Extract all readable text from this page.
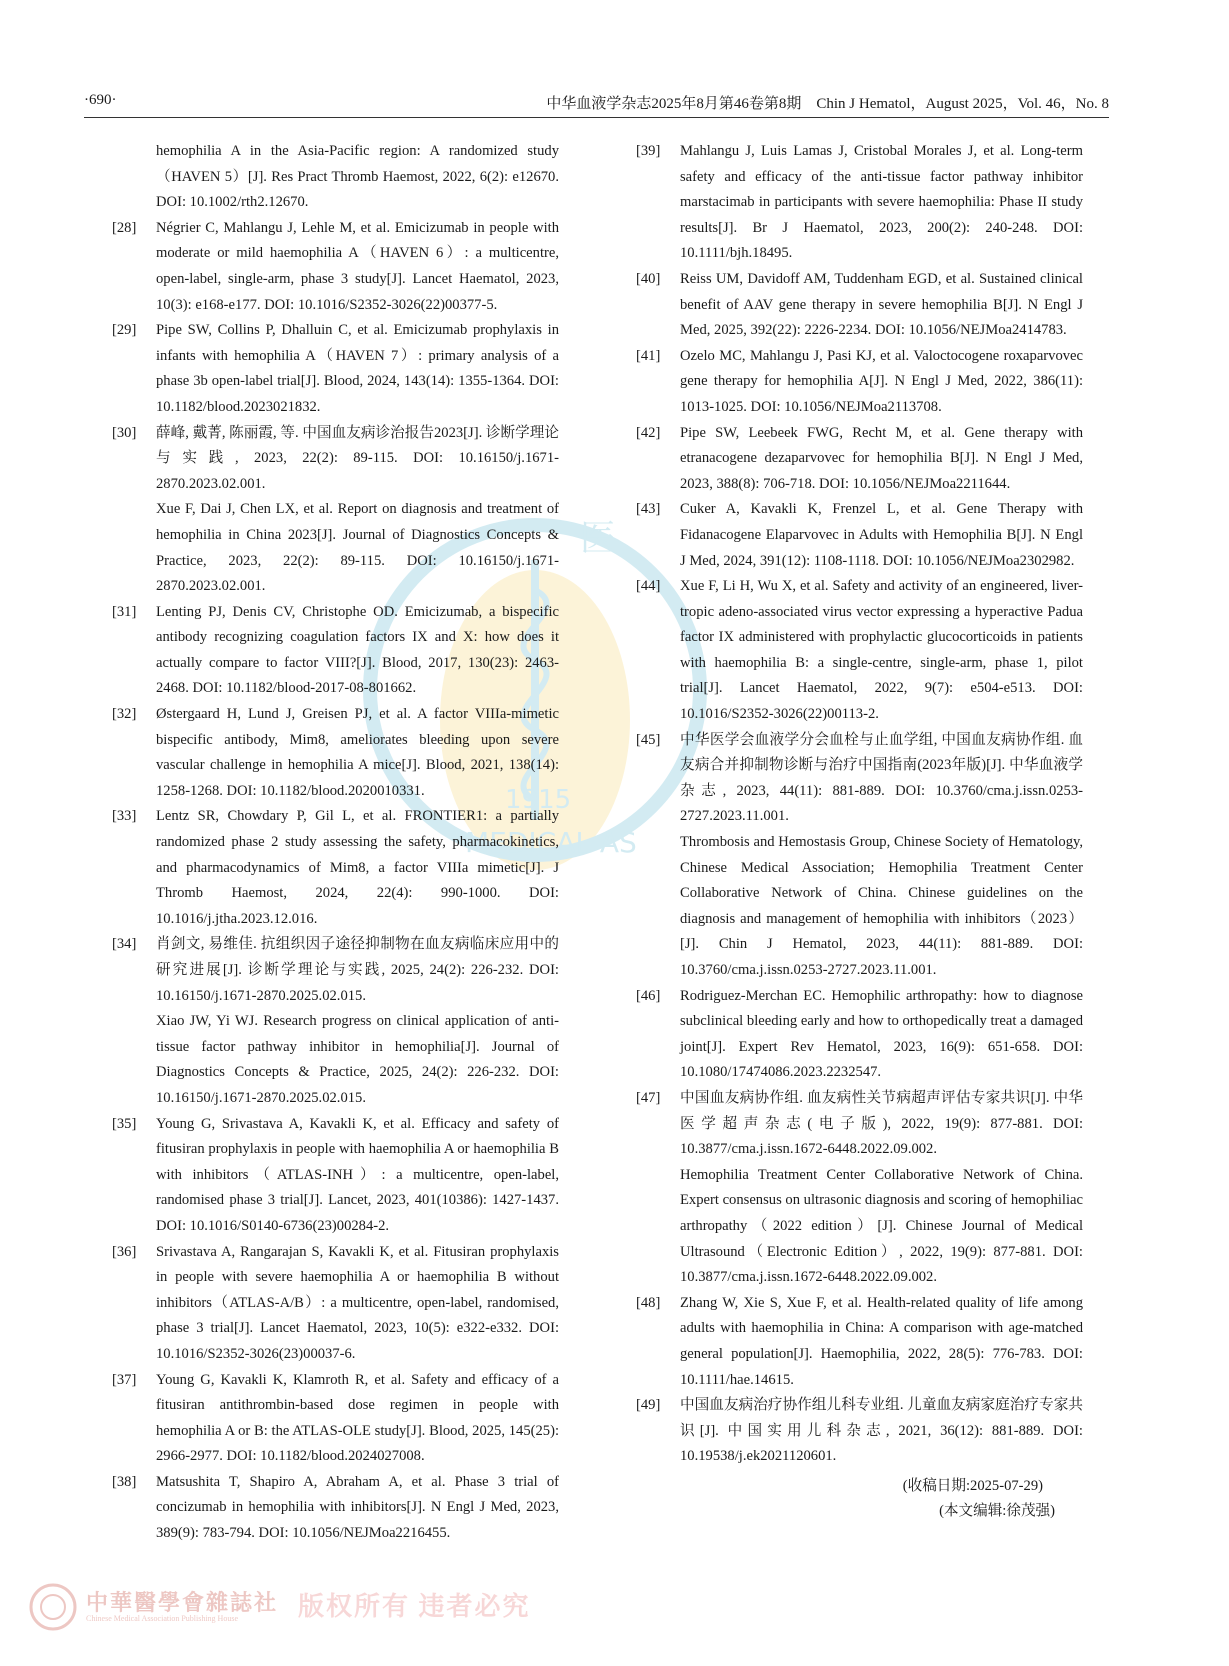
·690·	中华血液学杂志2025年8月第46卷第8期　Chin J Hematol，August 2025，Vol. 46，No. 8
医
1915
MEDICAL AS

hemophilia A in the Asia-Pacific region: A randomized study（HAVEN 5）[J]. Res Pract Thromb Haemost, 2022, 6(2): e12670. DOI: 10.1002/rth2.12670.

[28] Négrier C, Mahlangu J, Lehle M, et al. Emicizumab in people with moderate or mild haemophilia A（HAVEN 6）: a multicentre, open-label, single-arm, phase 3 study[J]. Lancet Haematol, 2023, 10(3): e168-e177. DOI: 10.1016/S2352-3026(22)00377-5.

[29] Pipe SW, Collins P, Dhalluin C, et al. Emicizumab prophylaxis in infants with hemophilia A（HAVEN 7）: primary analysis of a phase 3b open-label trial[J]. Blood, 2024, 143(14): 1355-1364. DOI: 10.1182/blood.2023021832.

[30] 薛峰, 戴菁, 陈丽霞, 等. 中国血友病诊治报告2023[J]. 诊断学理论与实践, 2023, 22(2): 89-115. DOI: 10.16150/j.1671-2870.2023.02.001.

Xue F, Dai J, Chen LX, et al. Report on diagnosis and treatment of hemophilia in China 2023[J]. Journal of Diagnostics Concepts & Practice, 2023, 22(2): 89-115. DOI: 10.16150/j.1671-2870.2023.02.001.

[31] Lenting PJ, Denis CV, Christophe OD. Emicizumab, a bispecific antibody recognizing coagulation factors IX and X: how does it actually compare to factor VIII?[J]. Blood, 2017, 130(23): 2463-2468. DOI: 10.1182/blood-2017-08-801662.

[32] Østergaard H, Lund J, Greisen PJ, et al. A factor VIIIa-mimetic bispecific antibody, Mim8, ameliorates bleeding upon severe vascular challenge in hemophilia A mice[J]. Blood, 2021, 138(14): 1258-1268. DOI: 10.1182/blood.2020010331.

[33] Lentz SR, Chowdary P, Gil L, et al. FRONTIER1: a partially randomized phase 2 study assessing the safety, pharmacokinetics, and pharmacodynamics of Mim8, a factor VIIIa mimetic[J]. J Thromb Haemost, 2024, 22(4): 990-1000. DOI: 10.1016/j.jtha.2023.12.016.

[34] 肖剑文, 易维佳. 抗组织因子途径抑制物在血友病临床应用中的研究进展[J]. 诊断学理论与实践, 2025, 24(2): 226-232. DOI: 10.16150/j.1671-2870.2025.02.015.

Xiao JW, Yi WJ. Research progress on clinical application of anti-tissue factor pathway inhibitor in hemophilia[J]. Journal of Diagnostics Concepts & Practice, 2025, 24(2): 226-232. DOI: 10.16150/j.1671-2870.2025.02.015.

[35] Young G, Srivastava A, Kavakli K, et al. Efficacy and safety of fitusiran prophylaxis in people with haemophilia A or haemophilia B with inhibitors（ATLAS-INH）: a multicentre, open-label, randomised phase 3 trial[J]. Lancet, 2023, 401(10386): 1427-1437. DOI: 10.1016/S0140-6736(23)00284-2.

[36] Srivastava A, Rangarajan S, Kavakli K, et al. Fitusiran prophylaxis in people with severe haemophilia A or haemophilia B without inhibitors（ATLAS-A/B）: a multicentre, open-label, randomised, phase 3 trial[J]. Lancet Haematol, 2023, 10(5): e322-e332. DOI: 10.1016/S2352-3026(23)00037-6.

[37] Young G, Kavakli K, Klamroth R, et al. Safety and efficacy of a fitusiran antithrombin-based dose regimen in people with hemophilia A or B: the ATLAS-OLE study[J]. Blood, 2025, 145(25): 2966-2977. DOI: 10.1182/blood.2024027008.

[38] Matsushita T, Shapiro A, Abraham A, et al. Phase 3 trial of concizumab in hemophilia with inhibitors[J]. N Engl J Med, 2023, 389(9): 783-794. DOI: 10.1056/NEJMoa2216455.

[39] Mahlangu J, Luis Lamas J, Cristobal Morales J, et al. Long-term safety and efficacy of the anti-tissue factor pathway inhibitor marstacimab in participants with severe haemophilia: Phase II study results[J]. Br J Haematol, 2023, 200(2): 240-248. DOI: 10.1111/bjh.18495.

[40] Reiss UM, Davidoff AM, Tuddenham EGD, et al. Sustained clinical benefit of AAV gene therapy in severe hemophilia B[J]. N Engl J Med, 2025, 392(22): 2226-2234. DOI: 10.1056/NEJMoa2414783.

[41] Ozelo MC, Mahlangu J, Pasi KJ, et al. Valoctocogene roxaparvovec gene therapy for hemophilia A[J]. N Engl J Med, 2022, 386(11): 1013-1025. DOI: 10.1056/NEJMoa2113708.

[42] Pipe SW, Leebeek FWG, Recht M, et al. Gene therapy with etranacogene dezaparvovec for hemophilia B[J]. N Engl J Med, 2023, 388(8): 706-718. DOI: 10.1056/NEJMoa2211644.

[43] Cuker A, Kavakli K, Frenzel L, et al. Gene Therapy with Fidanacogene Elaparvovec in Adults with Hemophilia B[J]. N Engl J Med, 2024, 391(12): 1108-1118. DOI: 10.1056/NEJMoa2302982.

[44] Xue F, Li H, Wu X, et al. Safety and activity of an engineered, liver-tropic adeno-associated virus vector expressing a hyperactive Padua factor IX administered with prophylactic glucocorticoids in patients with haemophilia B: a single-centre, single-arm, phase 1, pilot trial[J]. Lancet Haematol, 2022, 9(7): e504-e513. DOI: 10.1016/S2352-3026(22)00113-2.

[45] 中华医学会血液学分会血栓与止血学组, 中国血友病协作组. 血友病合并抑制物诊断与治疗中国指南(2023年版)[J]. 中华血液学杂志, 2023, 44(11): 881-889. DOI: 10.3760/cma.j.issn.0253-2727.2023.11.001.

Thrombosis and Hemostasis Group, Chinese Society of Hematology, Chinese Medical Association; Hemophilia Treatment Center Collaborative Network of China. Chinese guidelines on the diagnosis and management of hemophilia with inhibitors（2023）[J]. Chin J Hematol, 2023, 44(11): 881-889. DOI: 10.3760/cma.j.issn.0253-2727.2023.11.001.

[46] Rodriguez-Merchan EC. Hemophilic arthropathy: how to diagnose subclinical bleeding early and how to orthopedically treat a damaged joint[J]. Expert Rev Hematol, 2023, 16(9): 651-658. DOI: 10.1080/17474086.2023.2232547.

[47] 中国血友病协作组. 血友病性关节病超声评估专家共识[J]. 中华医学超声杂志(电子版), 2022, 19(9): 877-881. DOI: 10.3877/cma.j.issn.1672-6448.2022.09.002.

Hemophilia Treatment Center Collaborative Network of China. Expert consensus on ultrasonic diagnosis and scoring of hemophiliac arthropathy（2022 edition）[J]. Chinese Journal of Medical Ultrasound（Electronic Edition）, 2022, 19(9): 877-881. DOI: 10.3877/cma.j.issn.1672-6448.2022.09.002.

[48] Zhang W, Xie S, Xue F, et al. Health-related quality of life among adults with haemophilia in China: A comparison with age-matched general population[J]. Haemophilia, 2022, 28(5): 776-783. DOI: 10.1111/hae.14615.

[49] 中国血友病治疗协作组儿科专业组. 儿童血友病家庭治疗专家共识[J]. 中国实用儿科杂志, 2021, 36(12): 881-889. DOI: 10.19538/j.ek2021120601.

(收稿日期:2025-07-29)
(本文编辑:徐茂强)
中華醫學會雜誌社
Chinese Medical Association Publishing House 版权所有 违者必究
